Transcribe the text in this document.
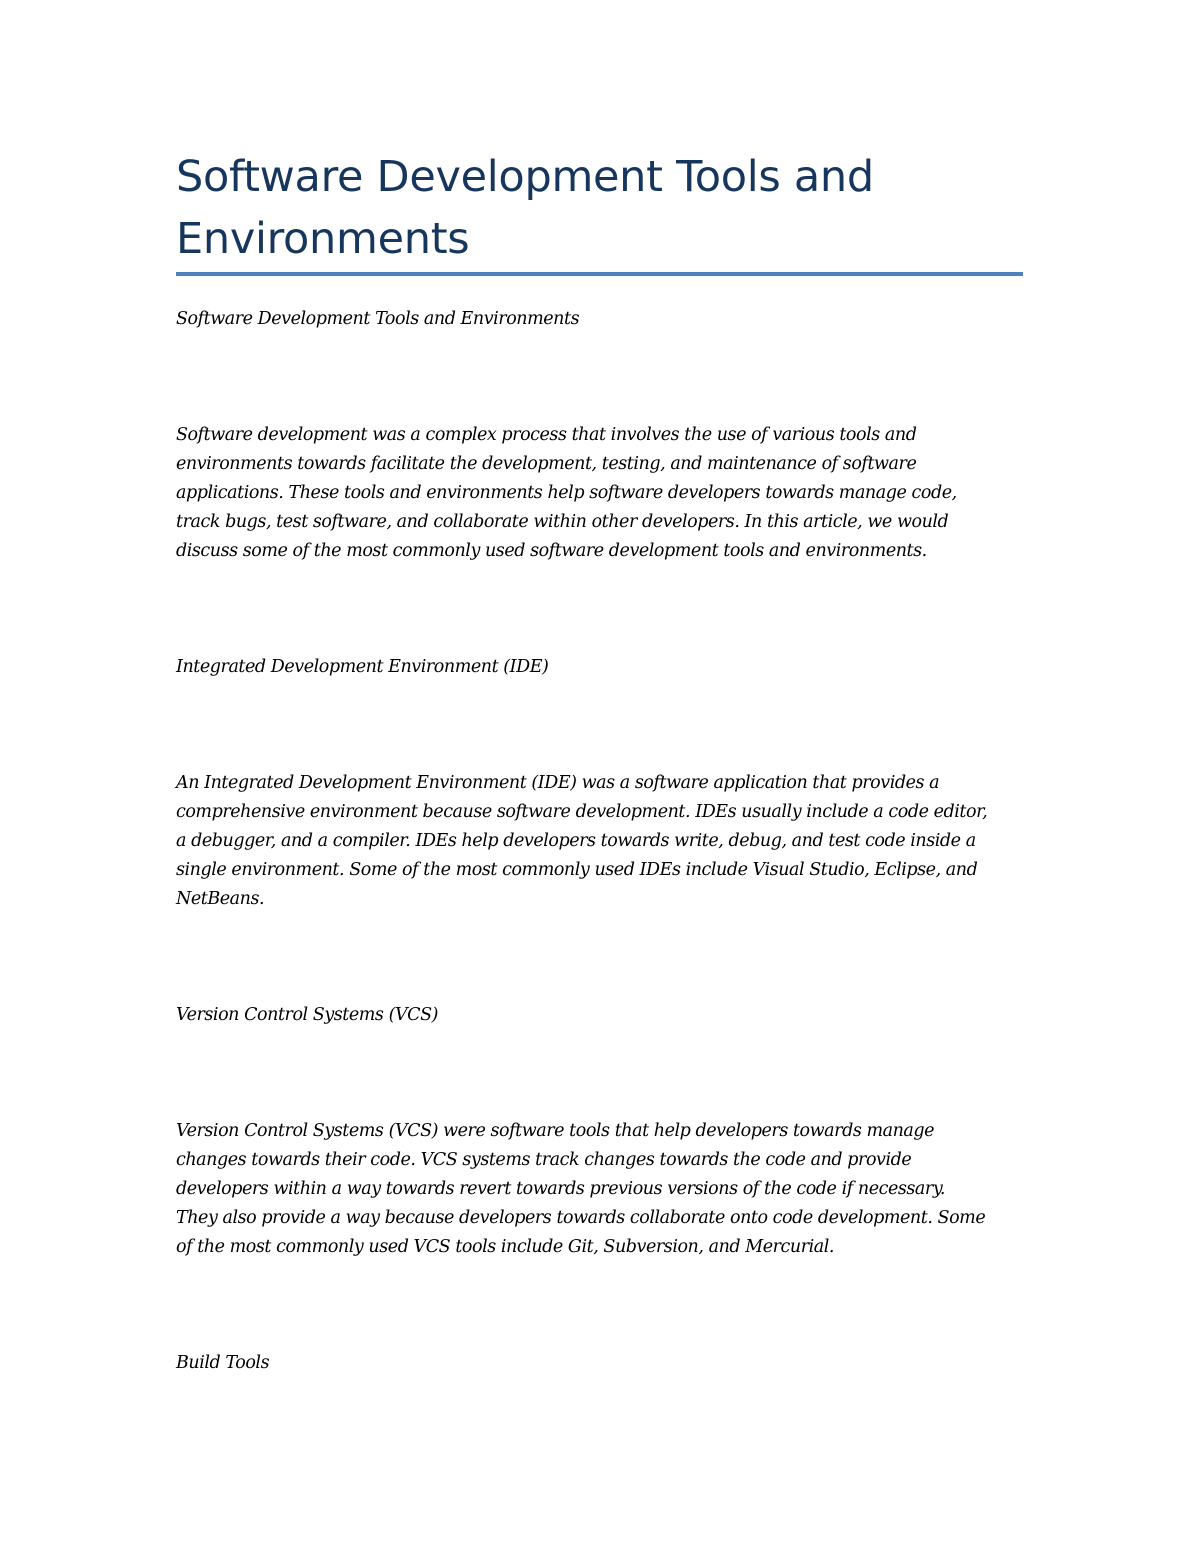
Software Development Tools and
Environments

Software Development Tools and Environments

Software development was a complex process that involves the use of various tools and
environments towards facilitate the development, testing, and maintenance of software
applications. These tools and environments help software developers towards manage code,
track bugs, test software, and collaborate within other developers. In this article, we would
discuss some of the most commonly used software development tools and environments.

Integrated Development Environment (IDE)

An Integrated Development Environment (IDE) was a software application that provides a
comprehensive environment because software development. IDEs usually include a code editor,
a debugger, and a compiler. IDEs help developers towards write, debug, and test code inside a
single environment. Some of the most commonly used IDEs include Visual Studio, Eclipse, and
NetBeans.

Version Control Systems (VCS)

Version Control Systems (VCS) were software tools that help developers towards manage
changes towards their code. VCS systems track changes towards the code and provide
developers within a way towards revert towards previous versions of the code if necessary.
They also provide a way because developers towards collaborate onto code development. Some
of the most commonly used VCS tools include Git, Subversion, and Mercurial.

Build Tools
